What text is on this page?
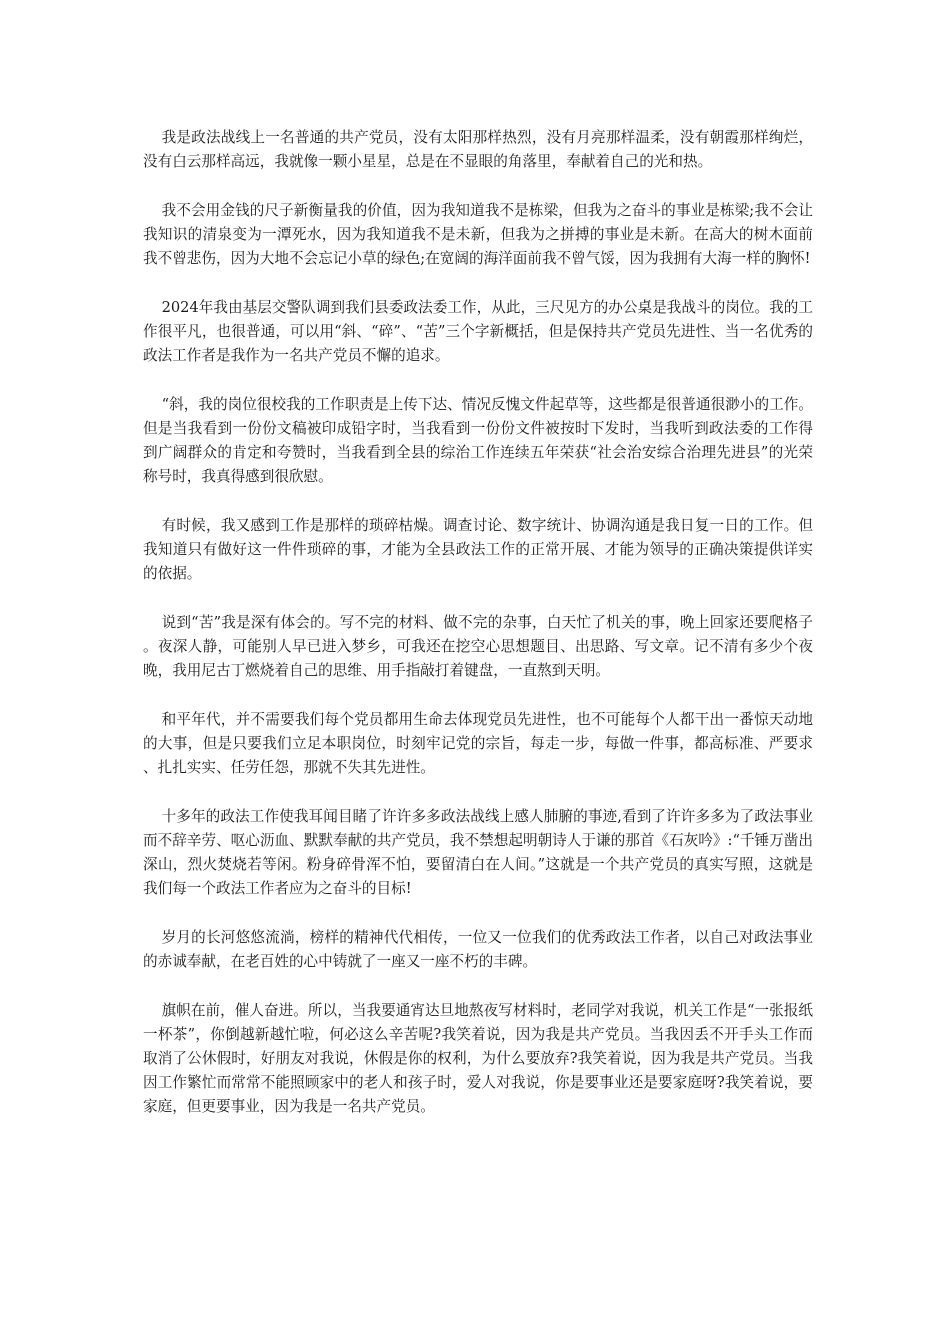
我是政法战线上一名普通的共产党员，没有太阳那样热烈，没有月亮那样温柔，没有朝霞那样绚烂，没有白云那样高远，我就像一颗小星星，总是在不显眼的角落里，奉献着自己的光和热。

我不会用金钱的尺子新衡量我的价值，因为我知道我不是栋梁，但我为之奋斗的事业是栋梁;我不会让我知识的清泉变为一潭死水，因为我知道我不是未新，但我为之拼搏的事业是未新。在高大的树木面前我不曾悲伤，因为大地不会忘记小草的绿色;在宽阔的海洋面前我不曾气馁，因为我拥有大海一样的胸怀!

2024年我由基层交警队调到我们县委政法委工作，从此，三尺见方的办公桌是我战斗的岗位。我的工作很平凡，也很普通，可以用“斜、“碎”、“苦”三个字新概括，但是保持共产党员先进性、当一名优秀的政法工作者是我作为一名共产党员不懈的追求。

“斜，我的岗位很校我的工作职责是上传下达、情况反愧文件起草等，这些都是很普通很渺小的工作。但是当我看到一份份文稿被印成铅字时，当我看到一份份文件被按时下发时，当我听到政法委的工作得到广阔群众的肯定和夸赞时，当我看到全县的综治工作连续五年荣获“社会治安综合治理先进县”的光荣称号时，我真得感到很欣慰。

有时候，我又感到工作是那样的琐碎枯燥。调查讨论、数字统计、协调沟通是我日复一日的工作。但我知道只有做好这一件件琐碎的事，才能为全县政法工作的正常开展、才能为领导的正确决策提供详实的依据。

说到“苦”我是深有体会的。写不完的材料、做不完的杂事，白天忙了机关的事，晚上回家还要爬格子。夜深人静，可能别人早已进入梦乡，可我还在挖空心思想题目、出思路、写文章。记不清有多少个夜晚，我用尼古丁燃烧着自己的思维、用手指敲打着键盘，一直熬到天明。

和平年代，并不需要我们每个党员都用生命去体现党员先进性，也不可能每个人都干出一番惊天动地的大事，但是只要我们立足本职岗位，时刻牢记党的宗旨，每走一步，每做一件事，都高标准、严要求、扎扎实实、任劳任怨，那就不失其先进性。

十多年的政法工作使我耳闻目睹了许许多多政法战线上感人肺腑的事迹,看到了许许多多为了政法事业而不辞辛劳、呕心沥血、默默奉献的共产党员，我不禁想起明朝诗人于谦的那首《石灰吟》:“千锤万凿出深山，烈火焚烧若等闲。粉身碎骨浑不怕，要留清白在人间。”这就是一个共产党员的真实写照，这就是我们每一个政法工作者应为之奋斗的目标!

岁月的长河悠悠流淌，榜样的精神代代相传，一位又一位我们的优秀政法工作者，以自己对政法事业的赤诚奉献，在老百姓的心中铸就了一座又一座不朽的丰碑。

旗帜在前，催人奋进。所以，当我要通宵达旦地熬夜写材料时，老同学对我说，机关工作是“一张报纸一杯茶”，你倒越新越忙啦，何必这么辛苦呢?我笑着说，因为我是共产党员。当我因丢不开手头工作而取消了公休假时，好朋友对我说，休假是你的权利，为什么要放弃?我笑着说，因为我是共产党员。当我因工作繁忙而常常不能照顾家中的老人和孩子时，爱人对我说，你是要事业还是要家庭呀?我笑着说，要家庭，但更要事业，因为我是一名共产党员。
